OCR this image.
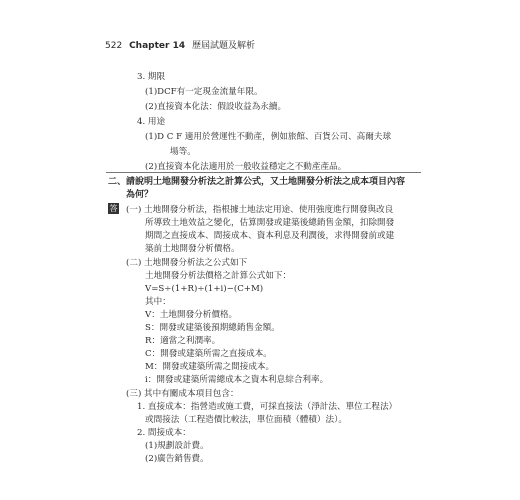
522 Chapter 14 歷屆試題及解析
3. 期限
(1)DCF有一定現金流量年限。
(2)直接資本化法：假設收益為永續。
4. 用途
(1)D C F 適用於營運性不動產，例如旅館、百貨公司、高爾夫球
場等。
(2)直接資本化法適用於一般收益穩定之不動產產品。
二、 請說明土地開發分析法之計算公式，又土地開發分析法之成本項目內容
為何？
答 (一) 土地開發分析法，指根據土地法定用途、使用強度進行開發與改良
所導致土地效益之變化，估算開發或建築後總銷售金額，扣除開發
期間之直接成本、間接成本、資本利息及利潤後，求得開發前或建
築前土地開發分析價格。
(二) 土地開發分析法之公式如下
土地開發分析法價格之計算公式如下：
V=S÷(1+R)÷(1+i)−(C+M)
其中：
V：土地開發分析價格。
S：開發或建築後預期總銷售金額。
R：適當之利潤率。
C：開發或建築所需之直接成本。
M：開發或建築所需之間接成本。
i：開發或建築所需總成本之資本利息綜合利率。
(三) 其中有關成本項目包含：
1. 直接成本：指營造或施工費，可採直接法（淨計法、單位工程法）
或間接法（工程造價比較法，單位面積（體積）法）。
2. 間接成本：
(1)規劃設計費。
(2)廣告銷售費。
